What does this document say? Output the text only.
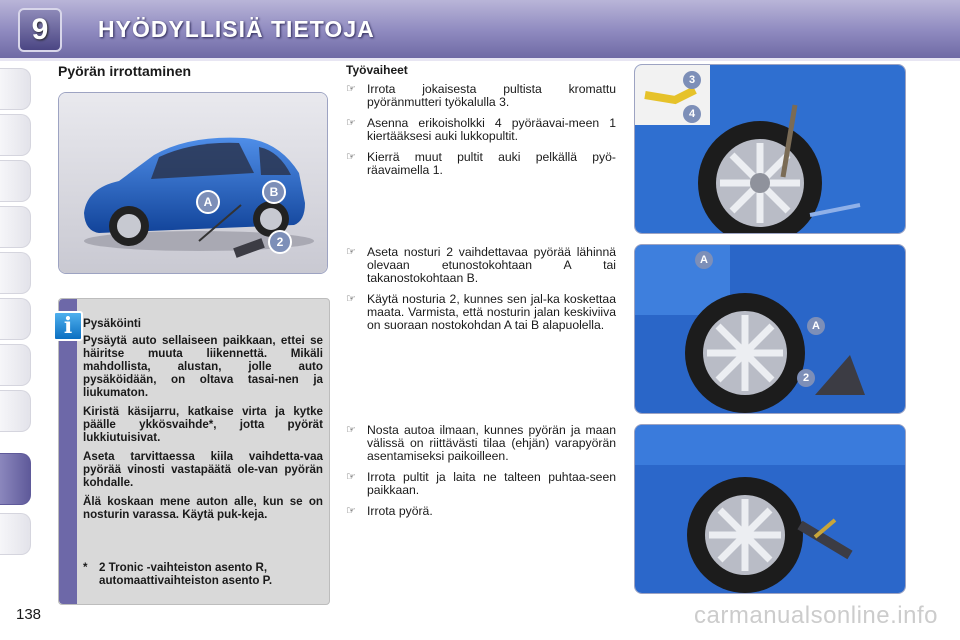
9	HYÖDYLLISIÄ TIETOJA
Pyörän irrottaminen
A
B
2
i Pysäköinti

Pysäytä auto sellaiseen paikkaan, ettei se häiritse muuta liikennettä. Mikäli mahdollista, alustan, jolle auto pysäköidään, on oltava tasai-nen ja liukumaton.

Kiristä käsijarru, katkaise virta ja kytke päälle ykkösvaihde*, jotta pyörät lukkiutuisivat.

Aseta tarvittaessa kiila vaihdetta-vaa pyörää vinosti vastapäätä ole-van pyörän kohdalle.

Älä koskaan mene auton alle, kun se on nosturin varassa. Käytä puk-keja.

* 2 Tronic -vaihteiston asento R, automaattivaihteiston asento P.
Työvaiheet
☞ Irrota jokaisesta pultista kromattu pyöränmutteri työkalulla 3.
☞ Asenna erikoisholkki 4 pyöräavai-meen 1 kiertääksesi auki lukkopultit.
☞ Kierrä muut pultit auki pelkällä pyö-räavaimella 1.
☞ Aseta nosturi 2 vaihdettavaa pyörää lähinnä olevaan etunostokohtaan A tai takanostokohtaan B.
☞ Käytä nosturia 2, kunnes sen jal-ka koskettaa maata. Varmista, että nosturin jalan keskiviiva on suoraan nostokohdan A tai B alapuolella.
☞ Nosta autoa ilmaan, kunnes pyörän ja maan välissä on riittävästi tilaa (ehjän) varapyörän asentamiseksi paikoilleen.
☞ Irrota pultit ja laita ne talteen puhtaa-seen paikkaan.
☞ Irrota pyörä.
3
4
A
A
2
138	carmanualsonline.info
